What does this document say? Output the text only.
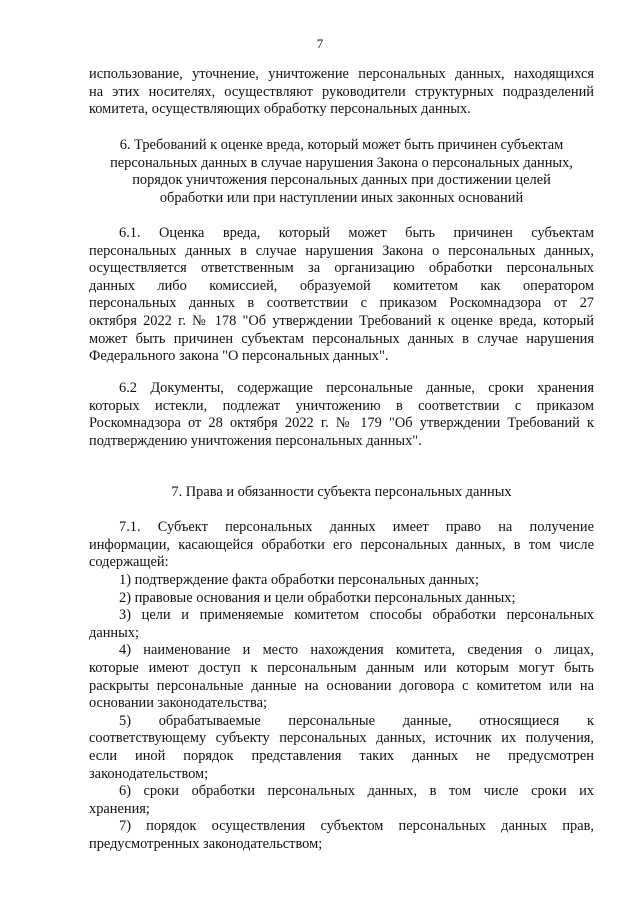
7
использование, уточнение, уничтожение персональных данных, находящихся
на этих носителях, осуществляют руководители структурных подразделений
комитета, осуществляющих обработку персональных данных.
6. Требований к оценке вреда, который может быть причинен субъектам
персональных данных в случае нарушения Закона о персональных данных,
порядок уничтожения персональных данных при достижении целей
обработки или при наступлении иных законных оснований
6.1. Оценка вреда, который может быть причинен субъектам
персональных данных в случае нарушения Закона о персональных данных,
осуществляется ответственным за организацию обработки персональных
данных либо комиссией, образуемой комитетом как оператором
персональных данных в соответствии с приказом Роскомнадзора от 27
октября 2022 г. № 178 "Об утверждении Требований к оценке вреда, который
может быть причинен субъектам персональных данных в случае нарушения
Федерального закона "О персональных данных".
6.2 Документы, содержащие персональные данные, сроки хранения
которых истекли, подлежат уничтожению в соответствии с приказом
Роскомнадзора от 28 октября 2022 г. № 179 "Об утверждении Требований к
подтверждению уничтожения персональных данных".
7. Права и обязанности субъекта персональных данных
7.1. Субъект персональных данных имеет право на получение
информации, касающейся обработки его персональных данных, в том числе
содержащей:
1) подтверждение факта обработки персональных данных;
2) правовые основания и цели обработки персональных данных;
3) цели и применяемые комитетом способы обработки персональных
данных;
4) наименование и место нахождения комитета, сведения о лицах,
которые имеют доступ к персональным данным или которым могут быть
раскрыты персональные данные на основании договора с комитетом или на
основании законодательства;
5) обрабатываемые персональные данные, относящиеся к
соответствующему субъекту персональных данных, источник их получения,
если иной порядок представления таких данных не предусмотрен
законодательством;
6) сроки обработки персональных данных, в том числе сроки их
хранения;
7) порядок осуществления субъектом персональных данных прав,
предусмотренных законодательством;
